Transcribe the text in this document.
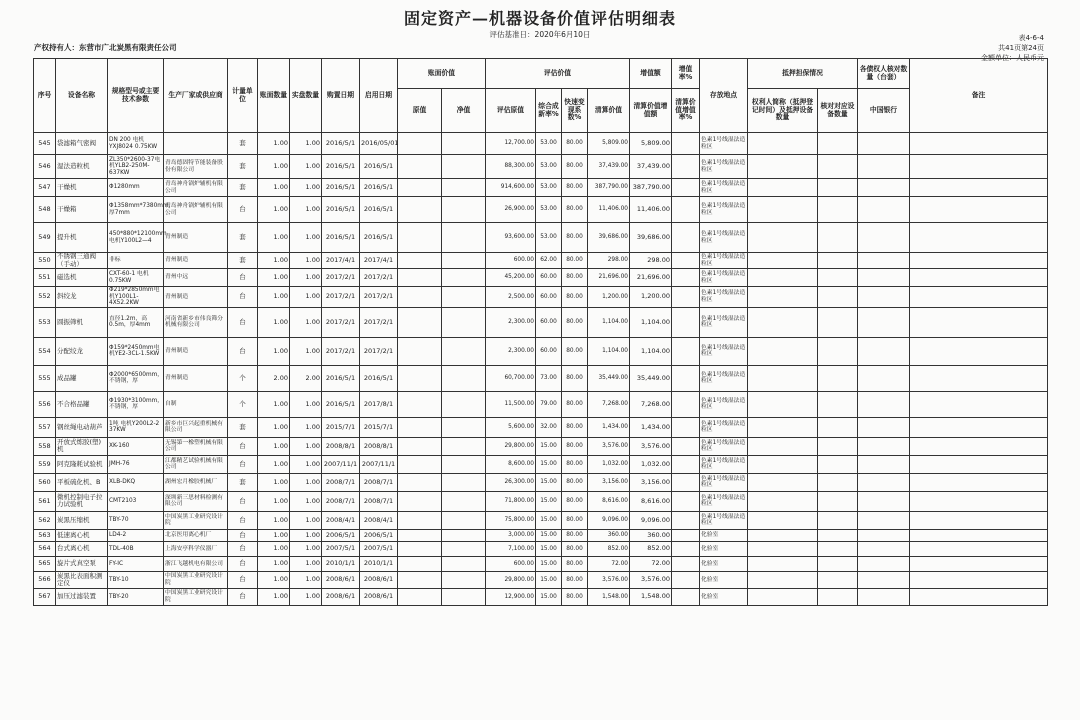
固定资产—机器设备价值评估明细表
评估基准日：2020年6月10日
产权持有人：东营市广北炭黑有限责任公司
表4-6-4
共41页第24页
金额单位：人民币元
序号	设备名称	规格型号或主要技术参数	生产厂家或供应商	计量单位	账面数量	实盘数量	购置日期	启用日期	账面价值		评估价值				增值额	增值率%	存放地点	抵押担保情况		各债权人核对数量（台套）	备注
									原值	净值	评估原值	综合成新率%	快速变现系数%	清算价值	清算价值增值额	清算价值增值率%		权利人简称（抵押登记时间）及抵押设备数量	核对对应设备数量	中国银行	
545	袋滤箱气密阀	DN 200 电机YXJ8024 0.75KW		套	1.00	1.00	2016/5/1	2016/05/01			12,700.00	53.00	80.00	5,809.00	5,809.00		色素1号线湿法造粒区				
546	湿法造粒机	ZL350*2600-37电机YLB2-250M-637KW	青岛德固特节能装备股份有限公司	套	1.00	1.00	2016/5/1	2016/5/1			88,300.00	53.00	80.00	37,439.00	37,439.00		色素1号线湿法造粒区				
547	干燥机	Φ1280mm	青岛神舟锅炉辅机有限公司	套	1.00	1.00	2016/5/1	2016/5/1			914,600.00	53.00	80.00	387,790.00	387,790.00		色素1号线湿法造粒区				
548	干燥箱	Φ1358mm*7380mm，厚7mm	青岛神舟锅炉辅机有限公司	台	1.00	1.00	2016/5/1	2016/5/1			26,900.00	53.00	80.00	11,406.00	11,406.00		色素1号线湿法造粒区				
549	提升机	450*880*12100mm电机Y100L2—4	青州制造	套	1.00	1.00	2016/5/1	2016/5/1			93,600.00	53.00	80.00	39,686.00	39,686.00		色素1号线湿法造粒区				
550	不锈钢三通阀（手动）	非标	青州制造	套	1.00	1.00	2017/4/1	2017/4/1			600.00	62.00	80.00	298.00	298.00		色素1号线湿法造粒区				
551	磁选机	CXT-60-1 电机0.75KW	青州中远	台	1.00	1.00	2017/2/1	2017/2/1			45,200.00	60.00	80.00	21,696.00	21,696.00		色素1号线湿法造粒区				
552	斜绞龙	Φ219*2850mm电机Y100L1-4X52.2KW	青州制造	台	1.00	1.00	2017/2/1	2017/2/1			2,500.00	60.00	80.00	1,200.00	1,200.00		色素1号线湿法造粒区				
553	圆振筛机	直径1.2m，高0.5m，厚4mm	河南省新乡市伟良筛分机械有限公司	台	1.00	1.00	2017/2/1	2017/2/1			2,300.00	60.00	80.00	1,104.00	1,104.00		色素1号线湿法造粒区				
554	分配绞龙	Φ159*2450mm电机YE2-3CL-1.5KW	青州制造	台	1.00	1.00	2017/2/1	2017/2/1			2,300.00	60.00	80.00	1,104.00	1,104.00		色素1号线湿法造粒区				
555	成品罐	Φ2000*6500mm，不锈钢，厚	青州制造	个	2.00	2.00	2016/5/1	2016/5/1			60,700.00	73.00	80.00	35,449.00	35,449.00		色素1号线湿法造粒区				
556	不合格品罐	Φ1930*3100mm，不锈钢，厚	自制	个	1.00	1.00	2016/5/1	2017/8/1			11,500.00	79.00	80.00	7,268.00	7,268.00		色素1号线湿法造粒区				
557	钢丝绳电动葫芦	1吨 电机Y200L2-2 37KW	新乡市巨兴起重机械有限公司	套	1.00	1.00	2015/7/1	2015/7/1			5,600.00	32.00	80.00	1,434.00	1,434.00		色素1号线湿法造粒区				
558	开放式炼胶(塑)机	XK-160	无锡第一橡塑机械有限公司	台	1.00	1.00	2008/8/1	2008/8/1			29,800.00	15.00	80.00	3,576.00	3,576.00		色素1号线湿法造粒区				
559	阿克隆耗试验机	JMH-76	江都精艺试验机械有限公司	台	1.00	1.00	2007/11/1	2007/11/1			8,600.00	15.00	80.00	1,032.00	1,032.00		色素1号线湿法造粒区				
560	平板硫化机、B	XLB-DKQ	湖州宏月橡胶机械厂	套	1.00	1.00	2008/7/1	2008/7/1			26,300.00	15.00	80.00	3,156.00	3,156.00		色素1号线湿法造粒区				
561	微机控制电子拉力试验机	CMT2103	深圳新三思材料检测有限公司	台	1.00	1.00	2008/7/1	2008/7/1			71,800.00	15.00	80.00	8,616.00	8,616.00		色素1号线湿法造粒区				
562	炭黑压缩机	TBY-70	中国炭黑工业研究设计院	台	1.00	1.00	2008/4/1	2008/4/1			75,800.00	15.00	80.00	9,096.00	9,096.00		色素1号线湿法造粒区				
563	低速离心机	LD4-2	北京医用离心机厂	台	1.00	1.00	2006/5/1	2006/5/1			3,000.00	15.00	80.00	360.00	360.00		化验室				
564	台式离心机	TDL-40B	上海安亭科学仪器厂	台	1.00	1.00	2007/5/1	2007/5/1			7,100.00	15.00	80.00	852.00	852.00		化验室				
565	旋片式真空泵	FY-IC	浙江飞越机电有限公司	台	1.00	1.00	2010/1/1	2010/1/1			600.00	15.00	80.00	72.00	72.00		化验室				
566	炭黑比表面积测定仪	TBY-10	中国炭黑工业研究设计院	台	1.00	1.00	2008/6/1	2008/6/1			29,800.00	15.00	80.00	3,576.00	3,576.00		化验室				
567	加压过滤装置	TBY-20	中国炭黑工业研究设计院	台	1.00	1.00	2008/6/1	2008/6/1			12,900.00	15.00	80.00	1,548.00	1,548.00		化验室				
